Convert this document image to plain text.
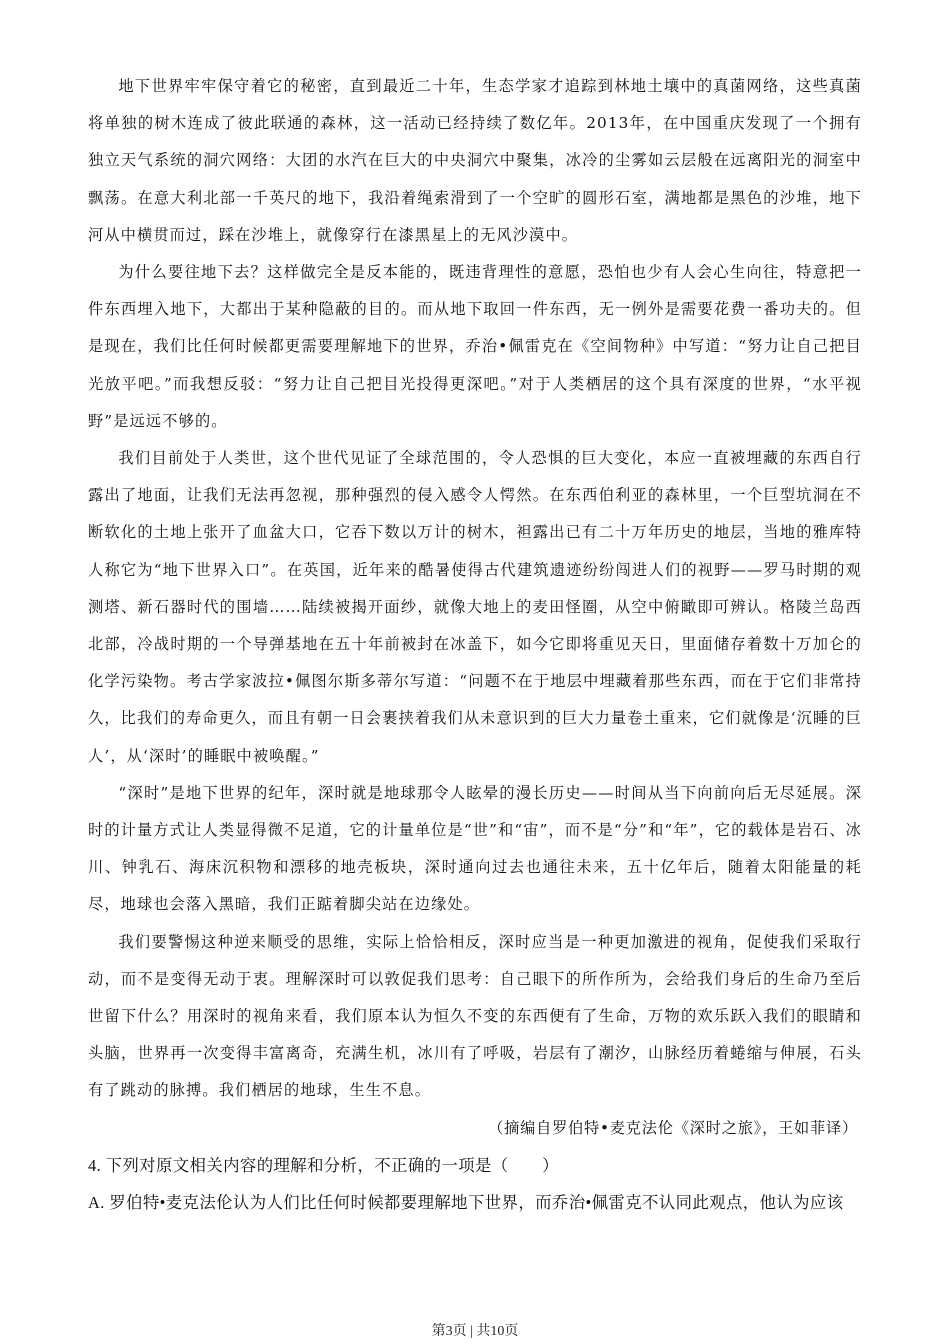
地下世界牢牢保守着它的秘密，直到最近二十年，生态学家才追踪到林地土壤中的真菌网络，这些真菌将单独的树木连成了彼此联通的森林，这一活动已经持续了数亿年。2013年，在中国重庆发现了一个拥有独立天气系统的洞穴网络：大团的水汽在巨大的中央洞穴中聚集，冰冷的尘雾如云层般在远离阳光的洞室中飘荡。在意大利北部一千英尺的地下，我沿着绳索滑到了一个空旷的圆形石室，满地都是黑色的沙堆，地下河从中横贯而过，踩在沙堆上，就像穿行在漆黑星上的无风沙漠中。

为什么要往地下去？这样做完全是反本能的，既违背理性的意愿，恐怕也少有人会心生向往，特意把一件东西埋入地下，大都出于某种隐蔽的目的。而从地下取回一件东西，无一例外是需要花费一番功夫的。但是现在，我们比任何时候都更需要理解地下的世界，乔治•佩雷克在《空间物种》中写道：“努力让自己把目光放平吧。”而我想反驳：“努力让自己把目光投得更深吧。”对于人类栖居的这个具有深度的世界，“水平视野”是远远不够的。

我们目前处于人类世，这个世代见证了全球范围的，令人恐惧的巨大变化，本应一直被埋藏的东西自行露出了地面，让我们无法再忽视，那种强烈的侵入感令人愕然。在东西伯利亚的森林里，一个巨型坑洞在不断软化的土地上张开了血盆大口，它吞下数以万计的树木，袒露出已有二十万年历史的地层，当地的雅库特人称它为“地下世界入口”。在英国，近年来的酷暑使得古代建筑遗迹纷纷闯进人们的视野——罗马时期的观测塔、新石器时代的围墙……陆续被揭开面纱，就像大地上的麦田怪圈，从空中俯瞰即可辨认。格陵兰岛西北部，冷战时期的一个导弹基地在五十年前被封在冰盖下，如今它即将重见天日，里面储存着数十万加仑的化学污染物。考古学家波拉•佩图尔斯多蒂尔写道：“问题不在于地层中埋藏着那些东西，而在于它们非常持久，比我们的寿命更久，而且有朝一日会裹挟着我们从未意识到的巨大力量卷土重来，它们就像是‘沉睡的巨人’，从‘深时’的睡眠中被唤醒。”

“深时”是地下世界的纪年，深时就是地球那令人眩晕的漫长历史——时间从当下向前向后无尽延展。深时的计量方式让人类显得微不足道，它的计量单位是“世”和“宙”，而不是“分”和“年”，它的载体是岩石、冰川、钟乳石、海床沉积物和漂移的地壳板块，深时通向过去也通往未来，五十亿年后，随着太阳能量的耗尽，地球也会落入黑暗，我们正踮着脚尖站在边缘处。

我们要警惕这种逆来顺受的思维，实际上恰恰相反，深时应当是一种更加激进的视角，促使我们采取行动，而不是变得无动于衷。理解深时可以敦促我们思考：自己眼下的所作所为，会给我们身后的生命乃至后世留下什么？用深时的视角来看，我们原本认为恒久不变的东西便有了生命，万物的欢乐跃入我们的眼睛和头脑，世界再一次变得丰富离奇，充满生机，冰川有了呼吸，岩层有了潮汐，山脉经历着蜷缩与伸展，石头有了跳动的脉搏。我们栖居的地球，生生不息。

（摘编自罗伯特•麦克法伦《深时之旅》，王如菲译）

4. 下列对原文相关内容的理解和分析，不正确的一项是（　　）

A. 罗伯特•麦克法伦认为人们比任何时候都要理解地下世界，而乔治•佩雷克不认同此观点，他认为应该

第3页 | 共10页
